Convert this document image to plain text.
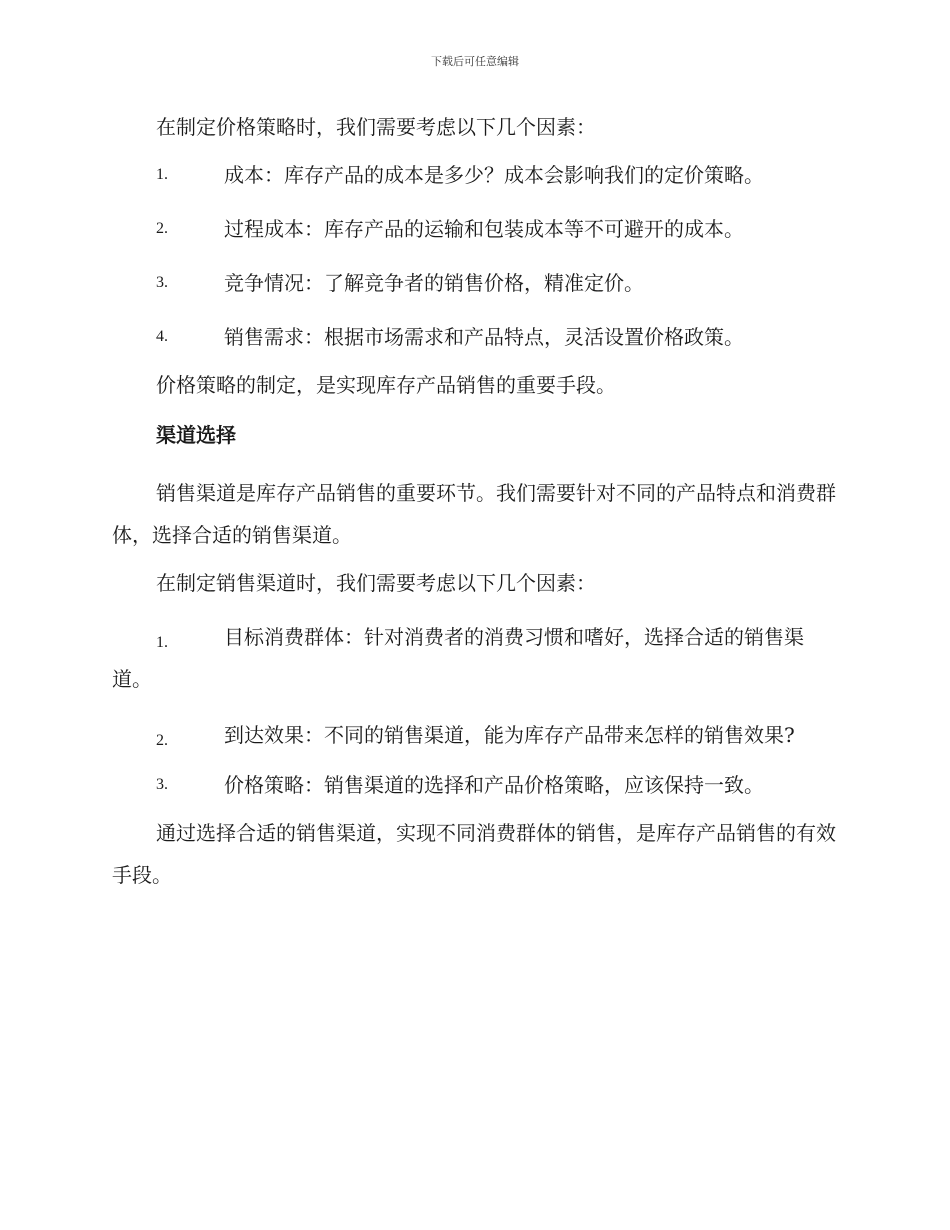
下载后可任意编辑

在制定价格策略时，我们需要考虑以下几个因素：

1.	成本：库存产品的成本是多少？成本会影响我们的定价策略。
2.	过程成本：库存产品的运输和包装成本等不可避开的成本。
3.	竞争情况：了解竞争者的销售价格，精准定价。
4.	销售需求：根据市场需求和产品特点，灵活设置价格政策。

价格策略的制定，是实现库存产品销售的重要手段。

渠道选择

销售渠道是库存产品销售的重要环节。我们需要针对不同的产品特点和消费群体，选择合适的销售渠道。

在制定销售渠道时，我们需要考虑以下几个因素：

1.	目标消费群体：针对消费者的消费习惯和嗜好，选择合适的销售渠道。
2.	到达效果：不同的销售渠道，能为库存产品带来怎样的销售效果?
3.	价格策略：销售渠道的选择和产品价格策略，应该保持一致。

通过选择合适的销售渠道，实现不同消费群体的销售，是库存产品销售的有效手段。
